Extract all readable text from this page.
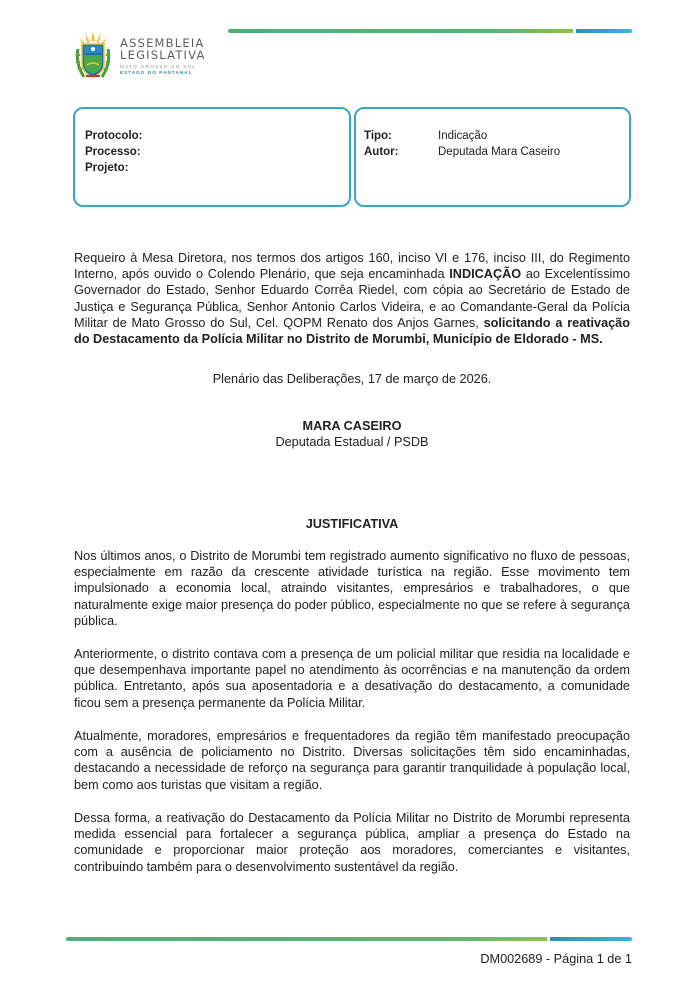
ASSEMBLEIA
LEGISLATIVA
MATO GROSSO DO SUL
ESTADO DO PANTANAL
Protocolo:
Processo:
Projeto:
Tipo:	Indicação
Autor:	Deputada Mara Caseiro

Requeiro à Mesa Diretora, nos termos dos artigos 160, inciso VI e 176, inciso III, do Regimento Interno, após ouvido o Colendo Plenário, que seja encaminhada INDICAÇÃO ao Excelentíssimo Governador do Estado, Senhor Eduardo Corrêa Riedel, com cópia ao Secretário de Estado de Justiça e Segurança Pública, Senhor Antonio Carlos Videira, e ao Comandante-Geral da Polícia Militar de Mato Grosso do Sul, Cel. QOPM Renato dos Anjos Garnes, solicitando a reativação do Destacamento da Polícia Militar no Distrito de Morumbi, Município de Eldorado - MS.

Plenário das Deliberações, 17 de março de 2026.
MARA CASEIRO
Deputada Estadual / PSDB
JUSTIFICATIVA

Nos últimos anos, o Distrito de Morumbi tem registrado aumento significativo no fluxo de pessoas, especialmente em razão da crescente atividade turística na região. Esse movimento tem impulsionado a economia local, atraindo visitantes, empresários e trabalhadores, o que naturalmente exige maior presença do poder público, especialmente no que se refere à segurança pública.

Anteriormente, o distrito contava com a presença de um policial militar que residia na localidade e que desempenhava importante papel no atendimento às ocorrências e na manutenção da ordem pública. Entretanto, após sua aposentadoria e a desativação do destacamento, a comunidade ficou sem a presença permanente da Polícia Militar.

Atualmente, moradores, empresários e frequentadores da região têm manifestado preocupação com a ausência de policiamento no Distrito. Diversas solicitações têm sido encaminhadas, destacando a necessidade de reforço na segurança para garantir tranquilidade à população local, bem como aos turistas que visitam a região.

Dessa forma, a reativação do Destacamento da Polícia Militar no Distrito de Morumbi representa medida essencial para fortalecer a segurança pública, ampliar a presença do Estado na comunidade e proporcionar maior proteção aos moradores, comerciantes e visitantes, contribuindo também para o desenvolvimento sustentável da região.

DM002689 - Página 1 de 1
